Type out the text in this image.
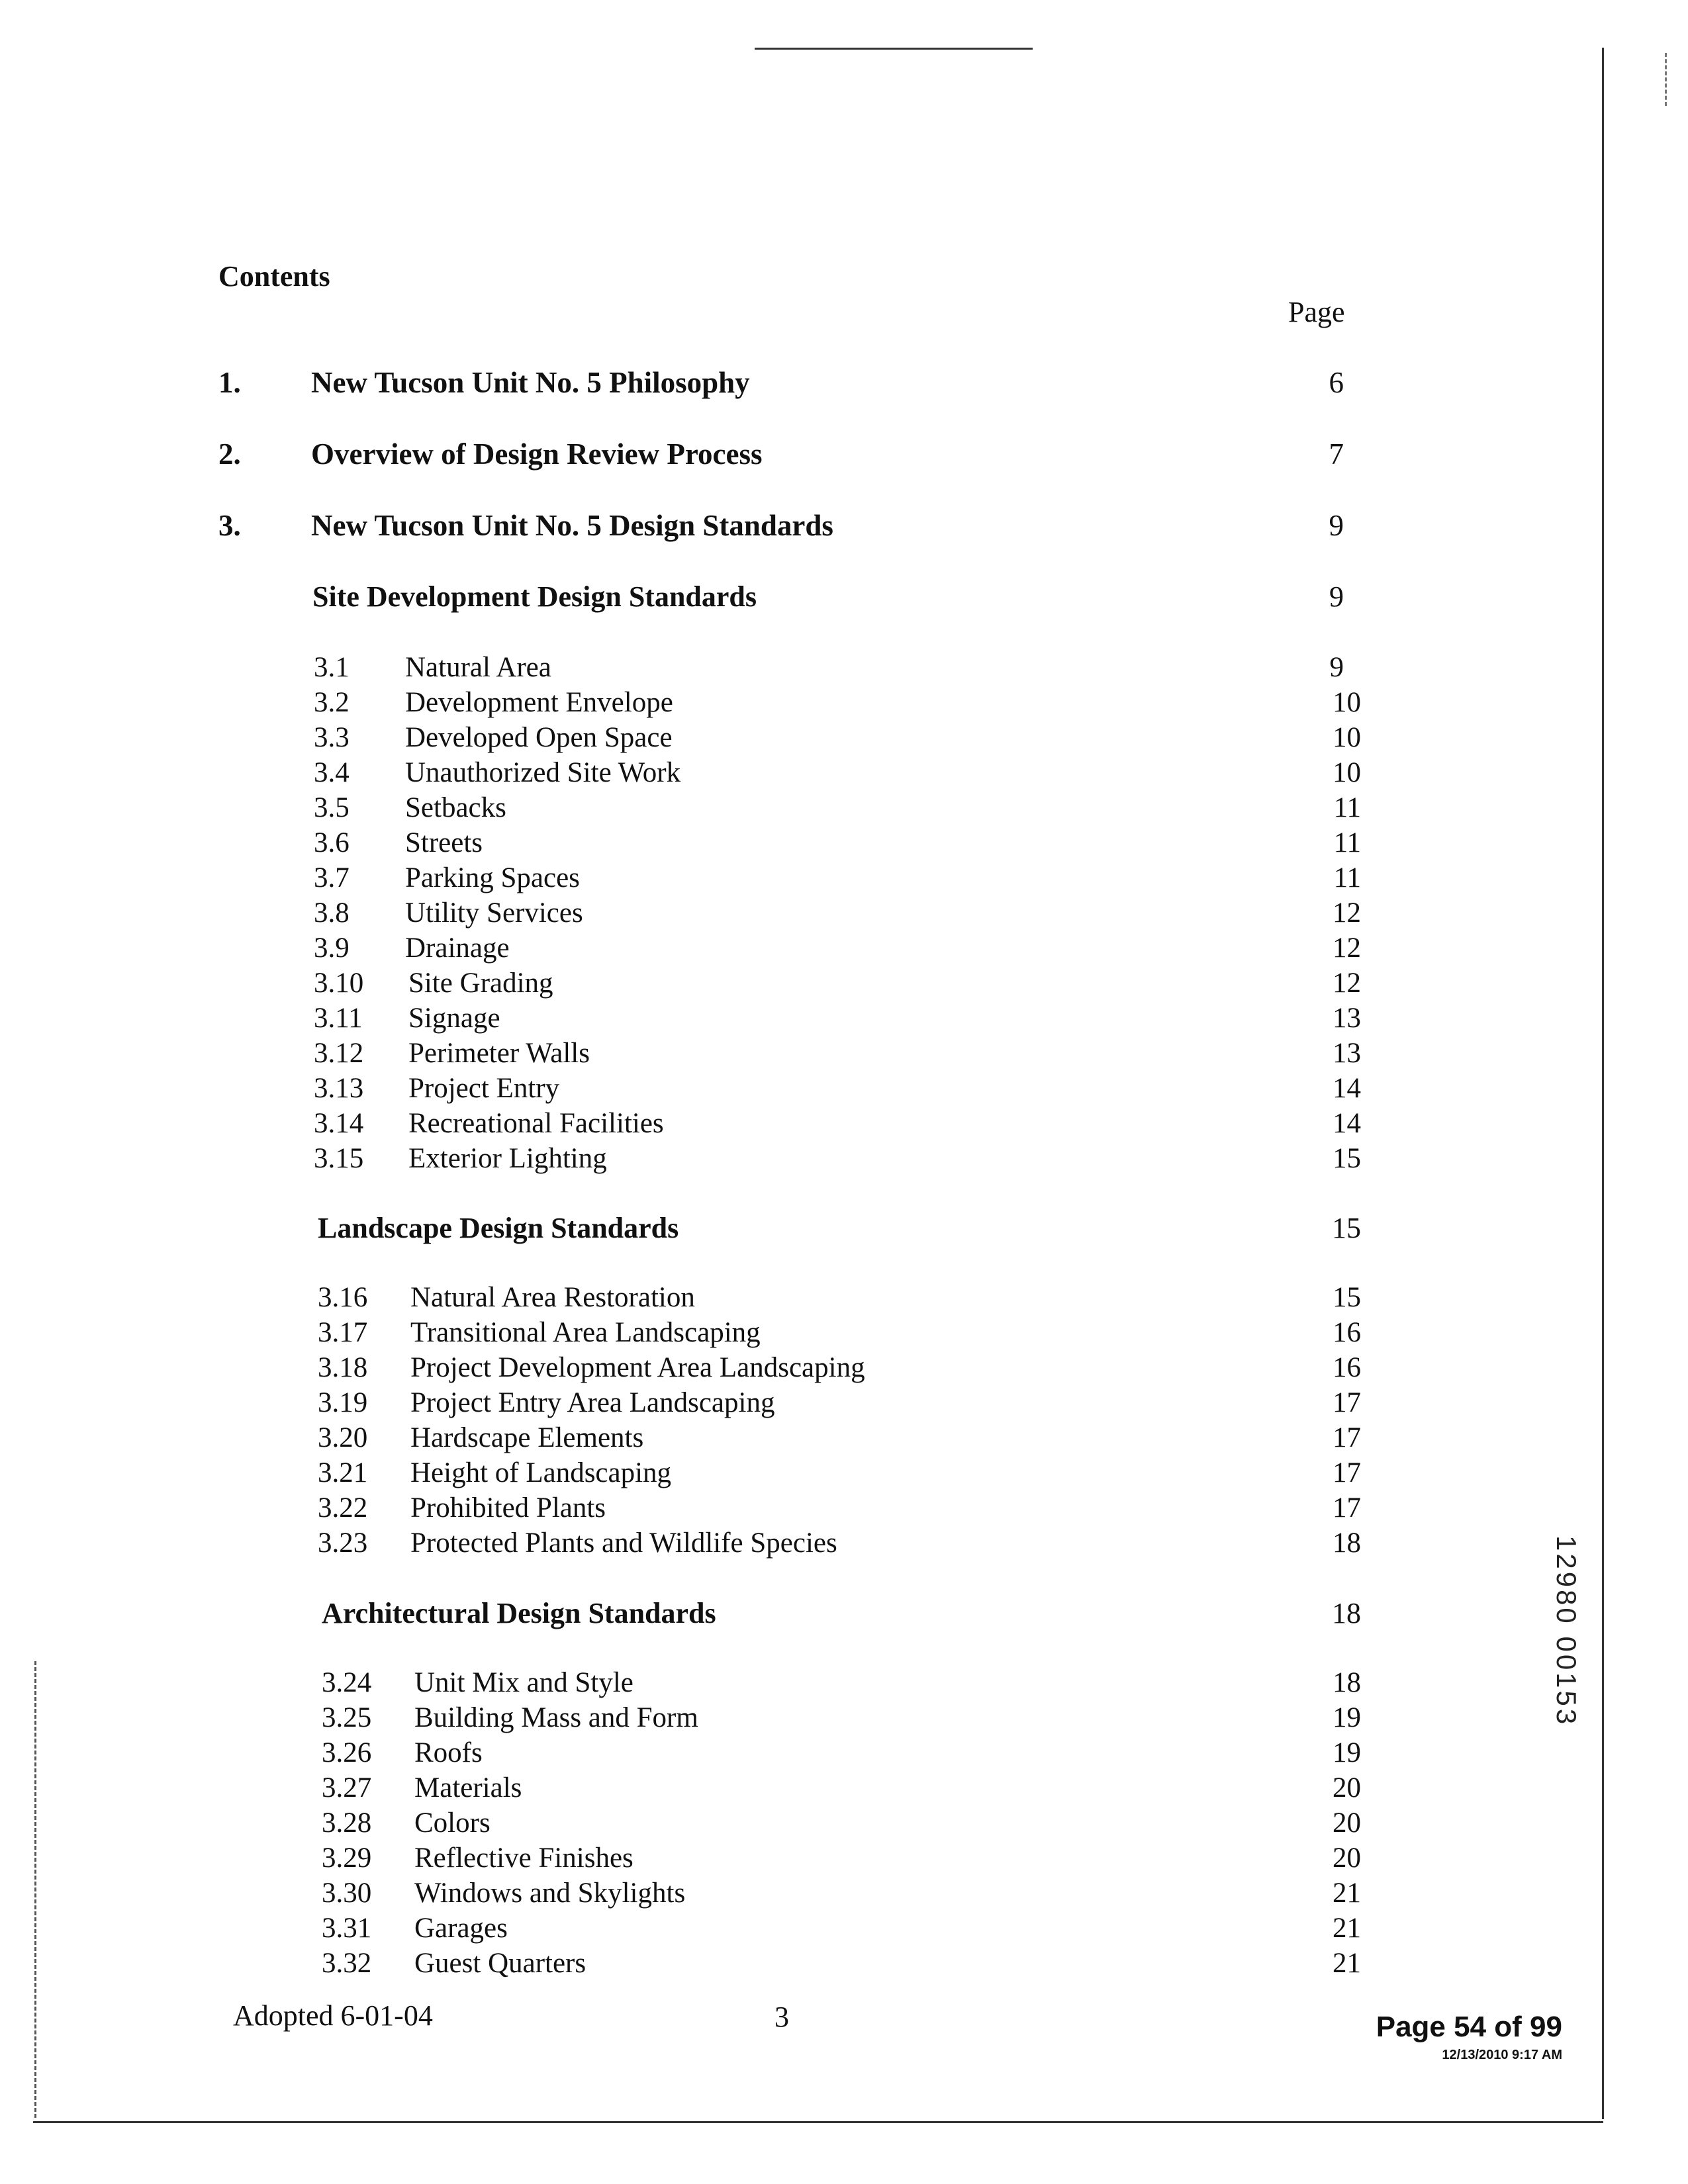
Contents
Page
1. New Tucson Unit No. 5 Philosophy	6
2. Overview of Design Review Process	7
3. New Tucson Unit No. 5 Design Standards	9
Site Development Design Standards	9
3.1 Natural Area	9
3.2 Development Envelope	10
3.3 Developed Open Space	10
3.4 Unauthorized Site Work	10
3.5 Setbacks	11
3.6 Streets	11
3.7 Parking Spaces	11
3.8 Utility Services	12
3.9 Drainage	12
3.10 Site Grading	12
3.11 Signage	13
3.12 Perimeter Walls	13
3.13 Project Entry	14
3.14 Recreational Facilities	14
3.15 Exterior Lighting	15
Landscape Design Standards	15
3.16 Natural Area Restoration	15
3.17 Transitional Area Landscaping	16
3.18 Project Development Area Landscaping	16
3.19 Project Entry Area Landscaping	17
3.20 Hardscape Elements	17
3.21 Height of Landscaping	17
3.22 Prohibited Plants	17
3.23 Protected Plants and Wildlife Species	18
Architectural Design Standards	18
3.24 Unit Mix and Style	18
3.25 Building Mass and Form	19
3.26 Roofs	19
3.27 Materials	20
3.28 Colors	20
3.29 Reflective Finishes	20
3.30 Windows and Skylights	21
3.31 Garages	21
3.32 Guest Quarters	21
Adopted 6-01-04	3	Page 54 of 99
12/13/2010 9:17 AM
12980 00153
